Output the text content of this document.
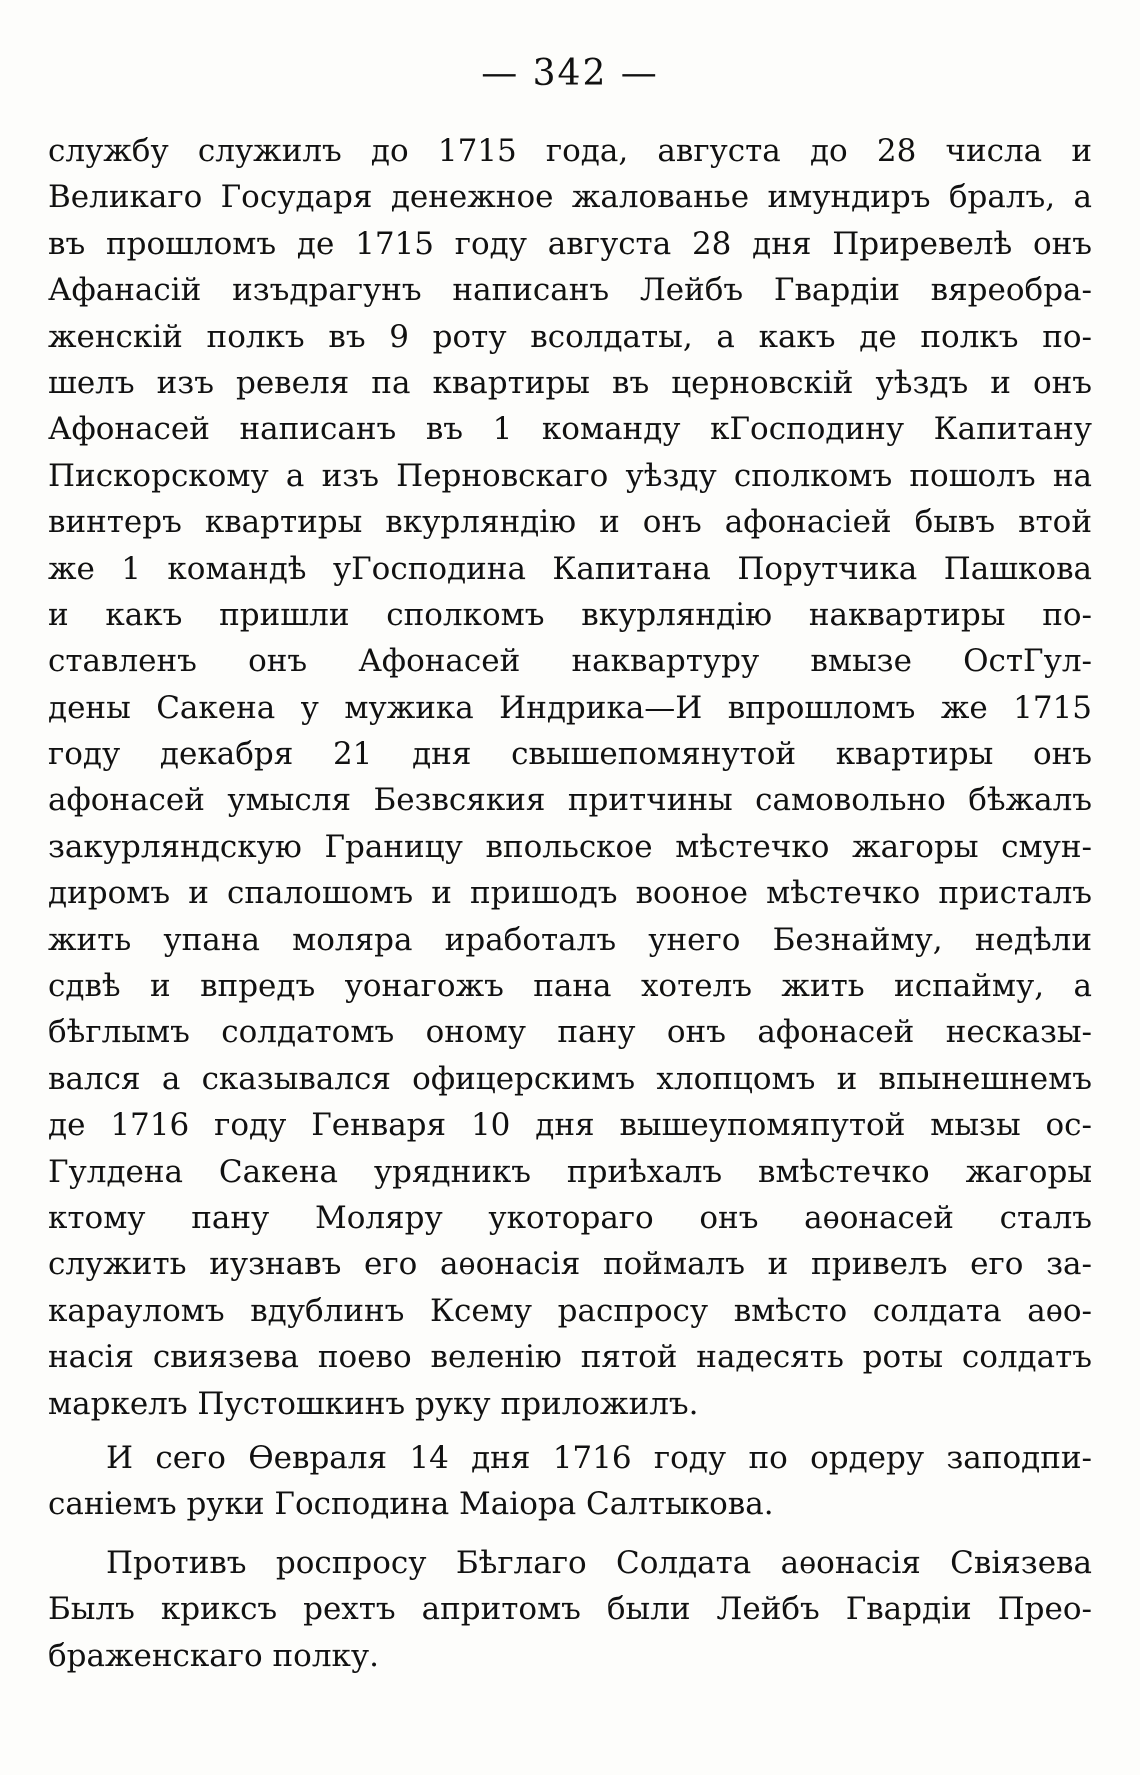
— 342 —
службу служилъ до 1715 года, августа до 28 числа и
Великаго Государя денежное жалованье имундиръ бралъ, а
въ прошломъ де 1715 году августа 28 дня Приревелѣ онъ
Афанасій изъдрагунъ написанъ Лейбъ Гвардіи вяреобра-
женскій полкъ въ 9 роту всолдаты, а какъ де полкъ по-
шелъ изъ ревеля па квартиры въ церновскій уѣздъ и онъ
Афонасей написанъ въ 1 команду кГосподину Капитану
Пискорскому а изъ Перновскаго уѣзду сполкомъ пошолъ на
винтеръ квартиры вкурляндію и онъ афонасіей бывъ втой
же 1 командѣ уГосподина Капитана Порутчика Пашкова
и какъ пришли сполкомъ вкурляндію наквартиры по-
ставленъ онъ Афонасей наквартуру вмызе ОстГул-
дены Сакена у мужика Индрика—И впрошломъ же 1715
году декабря 21 дня свышепомянутой квартиры онъ
афонасей умысля Безвсякия притчины самовольно бѣжалъ
закурляндскую Границу впольское мѣстечко жагоры смун-
диромъ и спалошомъ и пришодъ вооное мѣстечко присталъ
жить упана моляра иработалъ унего Безнайму, недѣли
сдвѣ и впредъ уонагожъ пана хотелъ жить испайму, а
бѣглымъ солдатомъ оному пану онъ афонасей несказы-
вался а сказывался офицерскимъ хлопцомъ и впынешнемъ
де 1716 году Генваря 10 дня вышеупомяпутой мызы ос-
Гулдена Сакена урядникъ приѣхалъ вмѣстечко жагоры
ктому пану Моляру укотораго онъ аѳонасей сталъ
служить иузнавъ его аѳонасія поймалъ и привелъ его за-
карауломъ вдублинъ Ксему распросу вмѣсто солдата аѳо-
насія свиязева поево веленію пятой надесять роты солдатъ
маркелъ Пустошкинъ руку приложилъ.
И сего Ѳевраля 14 дня 1716 году по ордеру заподпи-
саніемъ руки Господина Маіора Салтыкова.
Противъ роспросу Бѣглаго Солдата аѳонасія Свіязева
Былъ криксъ рехтъ апритомъ были Лейбъ Гвардіи Прео-
браженскаго полку.
